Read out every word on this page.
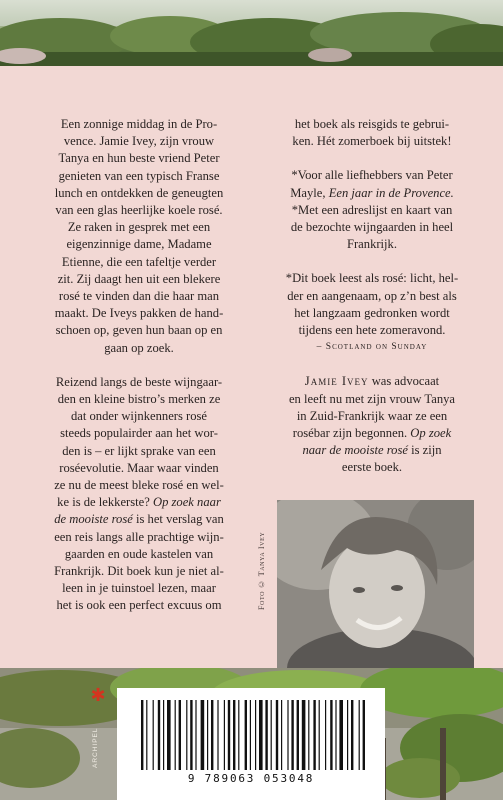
Een zonnige middag in de Pro-

vence. Jamie Ivey, zijn vrouw

Tanya en hun beste vriend Peter

genieten van een typisch Franse

lunch en ontdekken de geneugten

van een glas heerlijke koele rosé.

Ze raken in gesprek met een

eigenzinnige dame, Madame

Etienne, die een tafeltje verder

zit. Zij daagt hen uit een blekere

rosé te vinden dan die haar man

maakt. De Iveys pakken de hand-

schoen op, geven hun baan op en

gaan op zoek.

Reizend langs de beste wijngaar-

den en kleine bistro’s merken ze

dat onder wijnkenners rosé

steeds populairder aan het wor-

den is – er lijkt sprake van een

roséevolutie. Maar waar vinden

ze nu de meest bleke rosé en wel-

ke is de lekkerste? Op zoek naar

de mooiste rosé is het verslag van

een reis langs alle prachtige wijn-

gaarden en oude kastelen van

Frankrijk. Dit boek kun je niet al-

leen in je tuinstoel lezen, maar

het is ook een perfect excuus om

het boek als reisgids te gebrui-

ken. Hét zomerboek bij uitstek!

*Voor alle liefhebbers van Peter

Mayle, Een jaar in de Provence.

*Met een adreslijst en kaart van

de bezochte wijngaarden in heel

Frankrijk.

*Dit boek leest als rosé: licht, hel-

der en aangenaam, op z’n best als

het langzaam gedronken wordt

tijdens een hete zomeravond.

– Scotland on Sunday

Jamie Ivey was advocaat

en leeft nu met zijn vrouw Tanya

in Zuid-Frankrijk waar ze een

rosébar zijn begonnen. Op zoek

naar de mooiste rosé is zijn

eerste boek.

Foto © Tanya Ivey
✱
ARCHIPEL
9 789063 053048
